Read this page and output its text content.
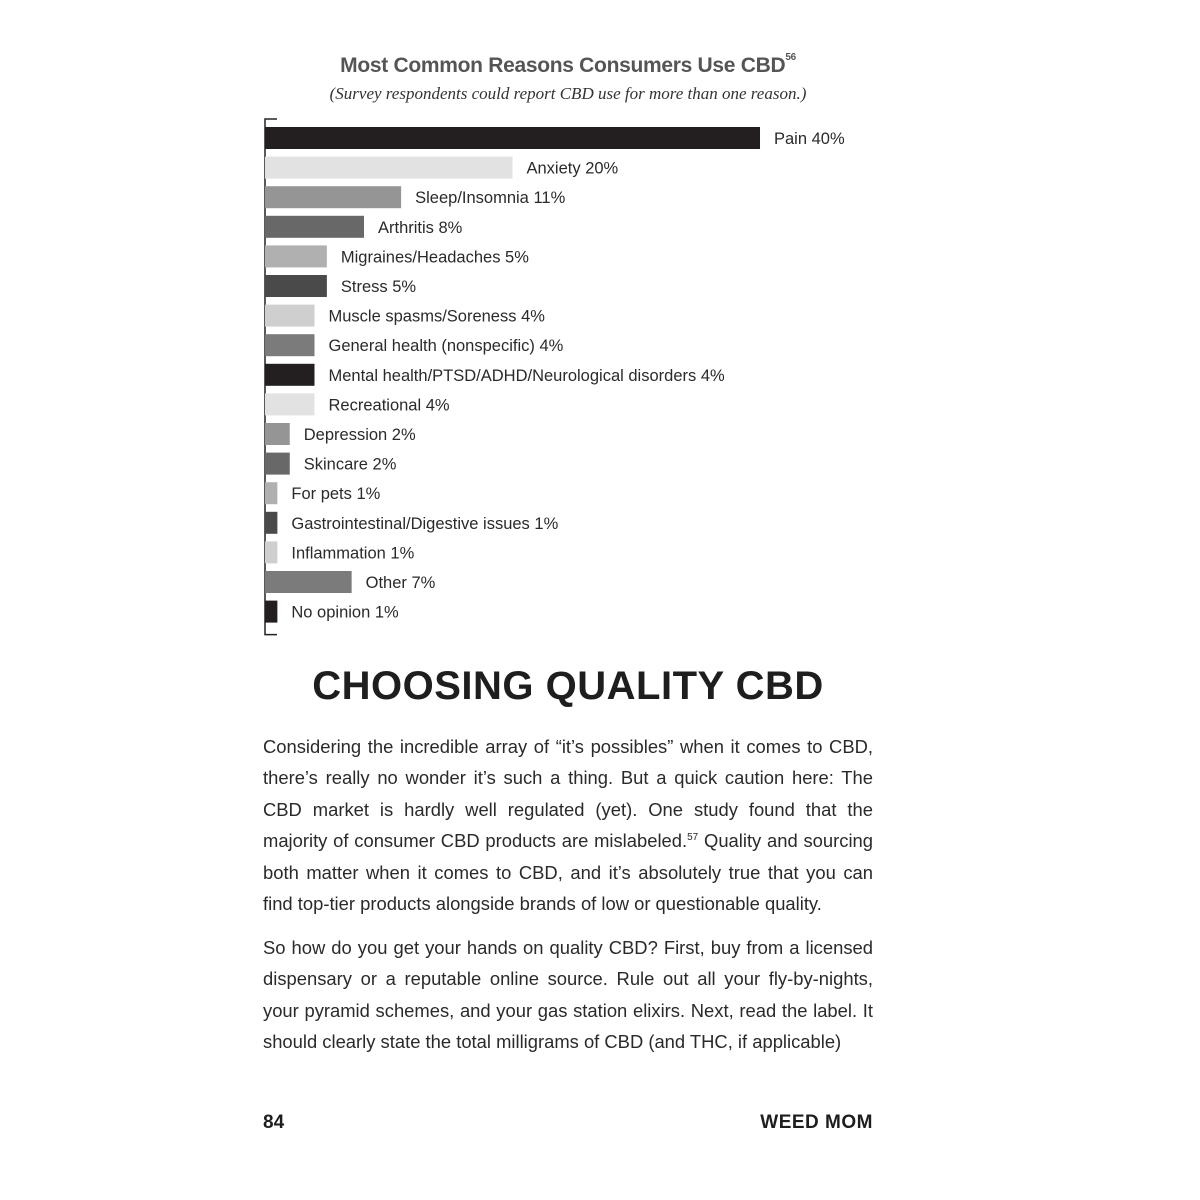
Most Common Reasons Consumers Use CBD$^{56}$
(Survey respondents could report CBD use for more than one reason.)
Pain 40%
Anxiety 20%
Sleep/Insomnia 11%
Arthritis 8%
Migraines/Headaches 5%
Stress 5%
Muscle spasms/Soreness 4%
General health (nonspecific) 4%
Mental health/PTSD/ADHD/Neurological disorders 4%
Recreational 4%
Depression 2%
Skincare 2%
For pets 1%
Gastrointestinal/Digestive issues 1%
Inflammation 1%
Other 7%
No opinion 1%
CHOOSING QUALITY CBD

Considering the incredible array of “it’s possibles” when it comes to CBD, there’s really no wonder it’s such a thing. But a quick caution here: The CBD market is hardly well regulated (yet). One study found that the majority of consumer CBD products are mislabeled.$^{57}$ Quality and sourcing both matter when it comes to CBD, and it’s absolutely true that you can find top-tier products alongside brands of low or questionable quality.

So how do you get your hands on quality CBD? First, buy from a licensed dispensary or a reputable online source. Rule out all your fly-by-nights, your pyramid schemes, and your gas station elixirs. Next, read the label. It should clearly state the total milligrams of CBD (and THC, if applicable)

84	WEED MOM
